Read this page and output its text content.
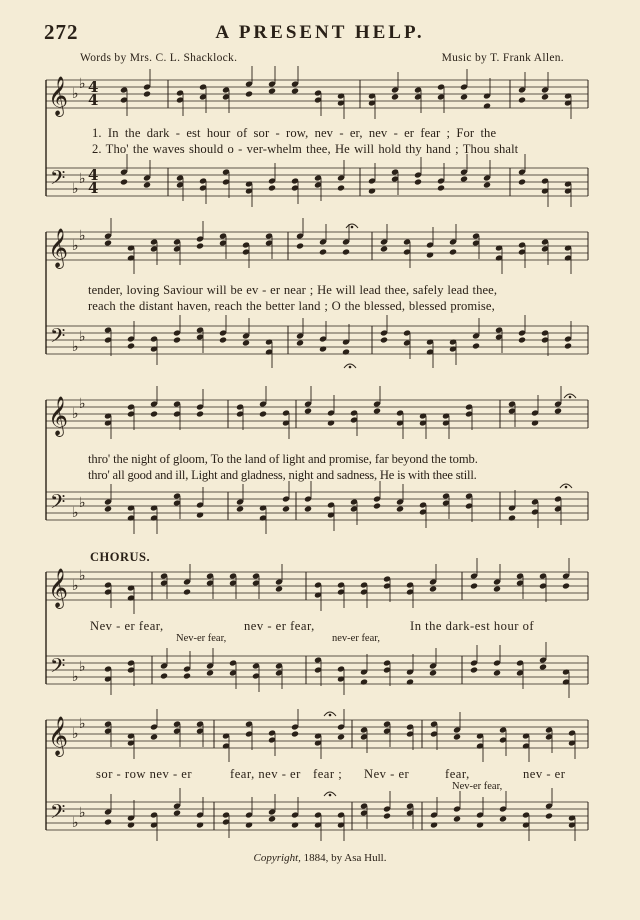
272	A PRESENT HELP.
Words by Mrs. C. L. Shacklock.	Music by T. Frank Allen.
𝄞
𝄢
♭
♭
♭
♭
4
4
4
4
𝄞
𝄢
♭
♭
♭
♭
𝄞
𝄢
♭
♭
♭
♭
𝄞
𝄢
♭
♭
♭
♭
𝄞
𝄢
♭
♭
♭
♭
1. In the dark - est hour of sor - row, nev - er, nev - er fear ; For the
2. Tho' the waves should o - ver-whelm thee, He will hold thy hand ; Thou shalt
tender, loving Saviour will be ev - er near ; He will lead thee, safely lead thee,
reach the distant haven, reach the better land ; O the blessed, blessed promise,
thro' the night of gloom, To the land of light and promise, far beyond the tomb.
thro' all good and ill, Light and gladness, night and sadness, He is with thee still.
CHORUS.
Nev - er fear,	nev - er fear,	In the dark-est hour of
Nev-er fear,	nev-er fear,
sor - row nev - er	fear, nev - er fear ; Nev - er	fear,	nev - er
Nev-er fear,
Copyright, 1884, by Asa Hull.
